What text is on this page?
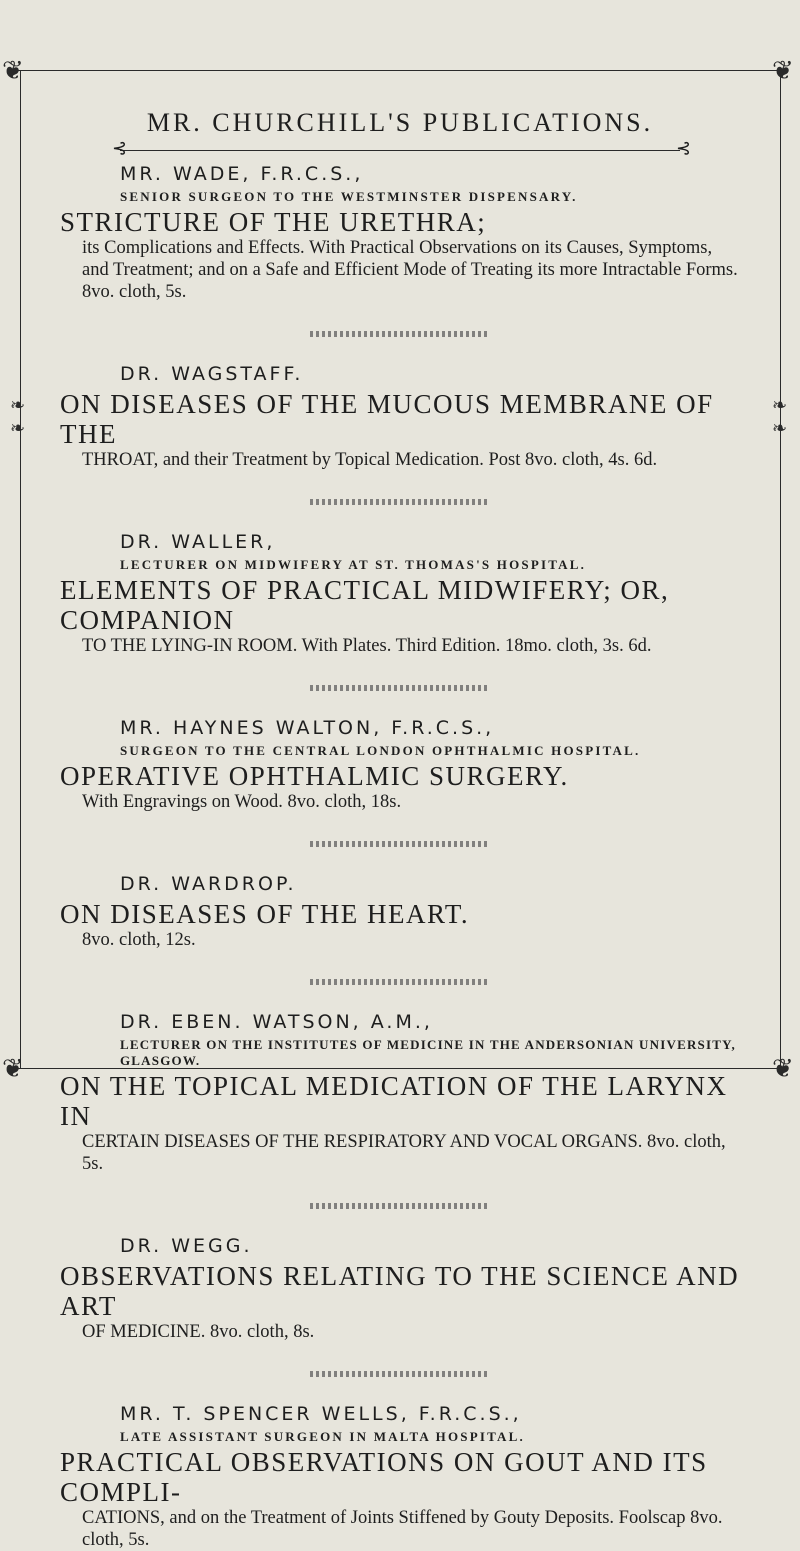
❦	❦
❦	❦
❧❧	❧❧
MR. CHURCHILL'S PUBLICATIONS.
⊰	⊰
MR. WADE, F.R.C.S.,
SENIOR SURGEON TO THE WESTMINSTER DISPENSARY.
STRICTURE OF THE URETHRA;
its Complications and Effects. With Practical Observations on its Causes, Symptoms, and Treatment; and on a Safe and Efficient Mode of Treating its more Intractable Forms. 8vo. cloth, 5s.
DR. WAGSTAFF.
ON DISEASES OF THE MUCOUS MEMBRANE OF THE
THROAT, and their Treatment by Topical Medication. Post 8vo. cloth, 4s. 6d.
DR. WALLER,
LECTURER ON MIDWIFERY AT ST. THOMAS'S HOSPITAL.
ELEMENTS OF PRACTICAL MIDWIFERY; OR, COMPANION
TO THE LYING-IN ROOM. With Plates. Third Edition. 18mo. cloth, 3s. 6d.
MR. HAYNES WALTON, F.R.C.S.,
SURGEON TO THE CENTRAL LONDON OPHTHALMIC HOSPITAL.
OPERATIVE OPHTHALMIC SURGERY.
With Engravings on Wood. 8vo. cloth, 18s.
DR. WARDROP.
ON DISEASES OF THE HEART.
8vo. cloth, 12s.
DR. EBEN. WATSON, A.M.,
LECTURER ON THE INSTITUTES OF MEDICINE IN THE ANDERSONIAN UNIVERSITY, GLASGOW.
ON THE TOPICAL MEDICATION OF THE LARYNX IN
CERTAIN DISEASES OF THE RESPIRATORY AND VOCAL ORGANS. 8vo. cloth, 5s.
DR. WEGG.
OBSERVATIONS RELATING TO THE SCIENCE AND ART
OF MEDICINE. 8vo. cloth, 8s.
MR. T. SPENCER WELLS, F.R.C.S.,
LATE ASSISTANT SURGEON IN MALTA HOSPITAL.
PRACTICAL OBSERVATIONS ON GOUT AND ITS COMPLI-
CATIONS, and on the Treatment of Joints Stiffened by Gouty Deposits. Foolscap 8vo. cloth, 5s.
